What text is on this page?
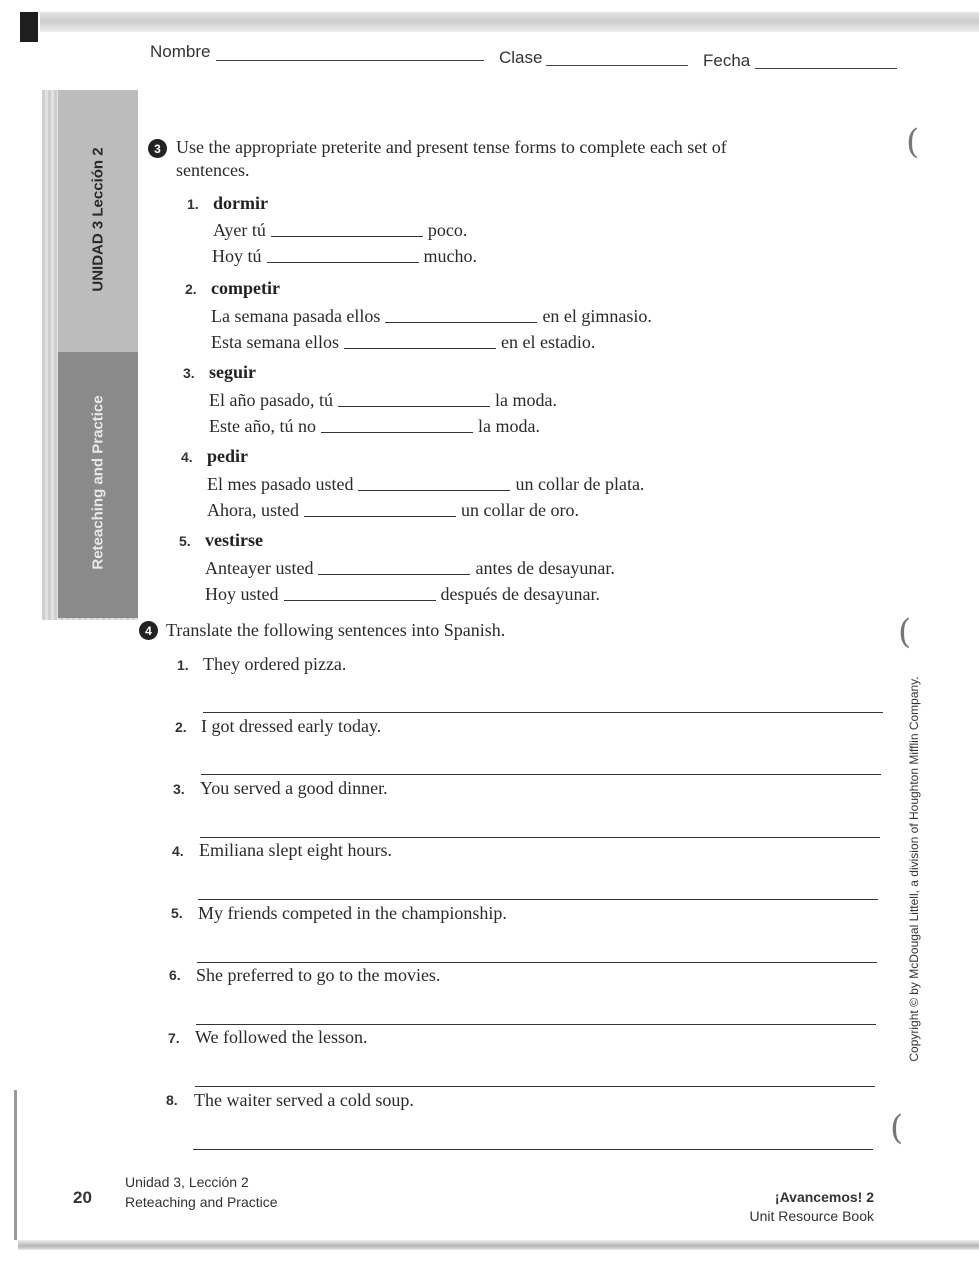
Nombre	Clase	Fecha
UNIDAD 3 Lección 2
Reteaching and Practice
3 Use the appropriate preterite and present tense forms to complete each set of
sentences.
1. dormir
Ayer tú	poco.
Hoy tú	mucho.
2. competir
La semana pasada ellos	en el gimnasio.
Esta semana ellos	en el estadio.
3. seguir
El año pasado, tú	la moda.
Este año, tú no	la moda.
4. pedir
El mes pasado usted	un collar de plata.
Ahora, usted	un collar de oro.
5. vestirse
Anteayer usted	antes de desayunar.
Hoy usted	después de desayunar.
4 Translate the following sentences into Spanish.
1. They ordered pizza.
2. I got dressed early today.
3. You served a good dinner.
4. Emiliana slept eight hours.
5. My friends competed in the championship.
6. She preferred to go to the movies.
7. We followed the lesson.
8. The waiter served a cold soup.
(
(
(
Copyright © by McDougal Littell, a division of Houghton Mifflin Company.
20
Unidad 3, Lección 2
Reteaching and Practice	¡Avancemos! 2
Unit Resource Book
